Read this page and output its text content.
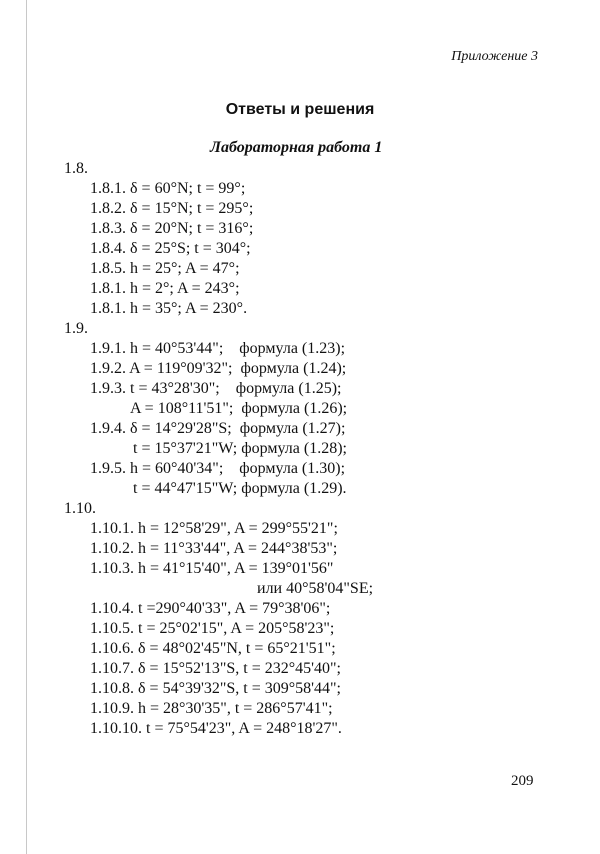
Приложение 3
Ответы и решения
Лабораторная работа 1
1.8.
1.8.1. δ = 60°N; t = 99°;
1.8.2. δ = 15°N; t = 295°;
1.8.3. δ = 20°N; t = 316°;
1.8.4. δ = 25°S; t = 304°;
1.8.5. h = 25°; A = 47°;
1.8.1. h = 2°; A = 243°;
1.8.1. h = 35°; A = 230°.
1.9.
1.9.1. h = 40°53'44";    формула (1.23);
1.9.2. A = 119°09'32";  формула (1.24);
1.9.3. t = 43°28'30";    формула (1.25);
A = 108°11'51";  формула (1.26);
1.9.4. δ = 14°29'28"S;  формула (1.27);
t = 15°37'21"W; формула (1.28);
1.9.5. h = 60°40'34";    формула (1.30);
t = 44°47'15"W; формула (1.29).
1.10.
1.10.1. h = 12°58'29", A = 299°55'21";
1.10.2. h = 11°33'44", A = 244°38'53";
1.10.3. h = 41°15'40", A = 139°01'56"
или 40°58'04"SE;
1.10.4. t =290°40'33", A = 79°38'06";
1.10.5. t = 25°02'15", A = 205°58'23";
1.10.6. δ = 48°02'45"N, t = 65°21'51";
1.10.7. δ = 15°52'13"S, t = 232°45'40";
1.10.8. δ = 54°39'32"S, t = 309°58'44";
1.10.9. h = 28°30'35", t = 286°57'41";
1.10.10. t = 75°54'23", A = 248°18'27".
209
